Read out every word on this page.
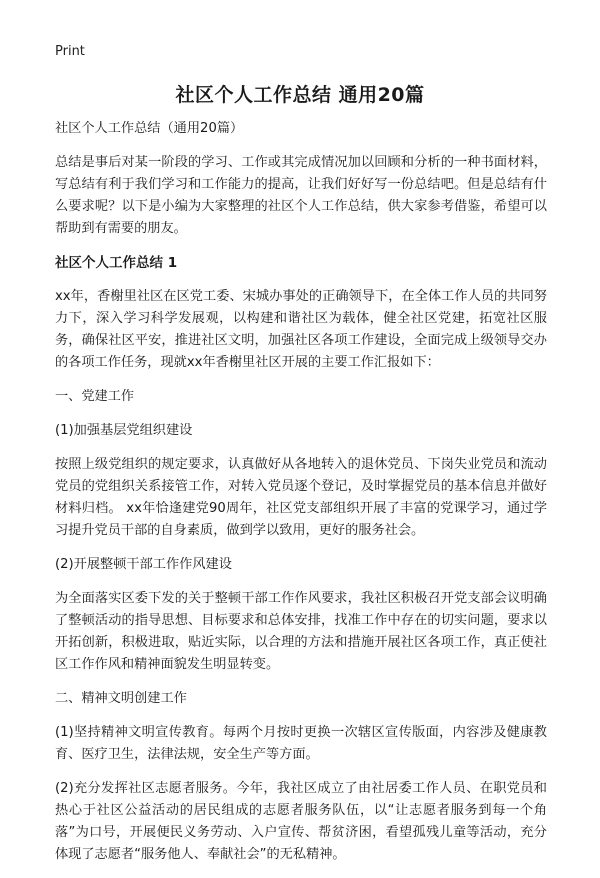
Print
社区个人工作总结 通用20篇

社区个人工作总结（通用20篇）

总结是事后对某一阶段的学习、工作或其完成情况加以回顾和分析的一种书面材料，写总结有利于我们学习和工作能力的提高，让我们好好写一份总结吧。但是总结有什么要求呢？以下是小编为大家整理的社区个人工作总结，供大家参考借鉴，希望可以帮助到有需要的朋友。

社区个人工作总结 1

xx年，香榭里社区在区党工委、宋城办事处的正确领导下，在全体工作人员的共同努力下，深入学习科学发展观，以构建和谐社区为载体，健全社区党建，拓宽社区服务，确保社区平安，推进社区文明，加强社区各项工作建设，全面完成上级领导交办的各项工作任务，现就xx年香榭里社区开展的主要工作汇报如下：

一、党建工作

(1)加强基层党组织建设

按照上级党组织的规定要求，认真做好从各地转入的退休党员、下岗失业党员和流动党员的党组织关系接管工作，对转入党员逐个登记，及时掌握党员的基本信息并做好材料归档。 xx年恰逢建党90周年，社区党支部组织开展了丰富的党课学习，通过学习提升党员干部的自身素质，做到学以致用，更好的服务社会。

(2)开展整顿干部工作作风建设

为全面落实区委下发的关于整顿干部工作作风要求，我社区积极召开党支部会议明确了整顿活动的指导思想、目标要求和总体安排，找准工作中存在的切实问题，要求以开拓创新，积极进取，贴近实际，以合理的方法和措施开展社区各项工作，真正使社区工作作风和精神面貌发生明显转变。

二、精神文明创建工作

(1)坚持精神文明宣传教育。每两个月按时更换一次辖区宣传版面，内容涉及健康教育、医疗卫生，法律法规，安全生产等方面。

(2)充分发挥社区志愿者服务。今年，我社区成立了由社居委工作人员、在职党员和热心于社区公益活动的居民组成的志愿者服务队伍，以“让志愿者服务到每一个角落”为口号，开展便民义务劳动、入户宣传、帮贫济困，看望孤残儿童等活动，充分体现了志愿者“服务他人、奉献社会”的无私精神。
